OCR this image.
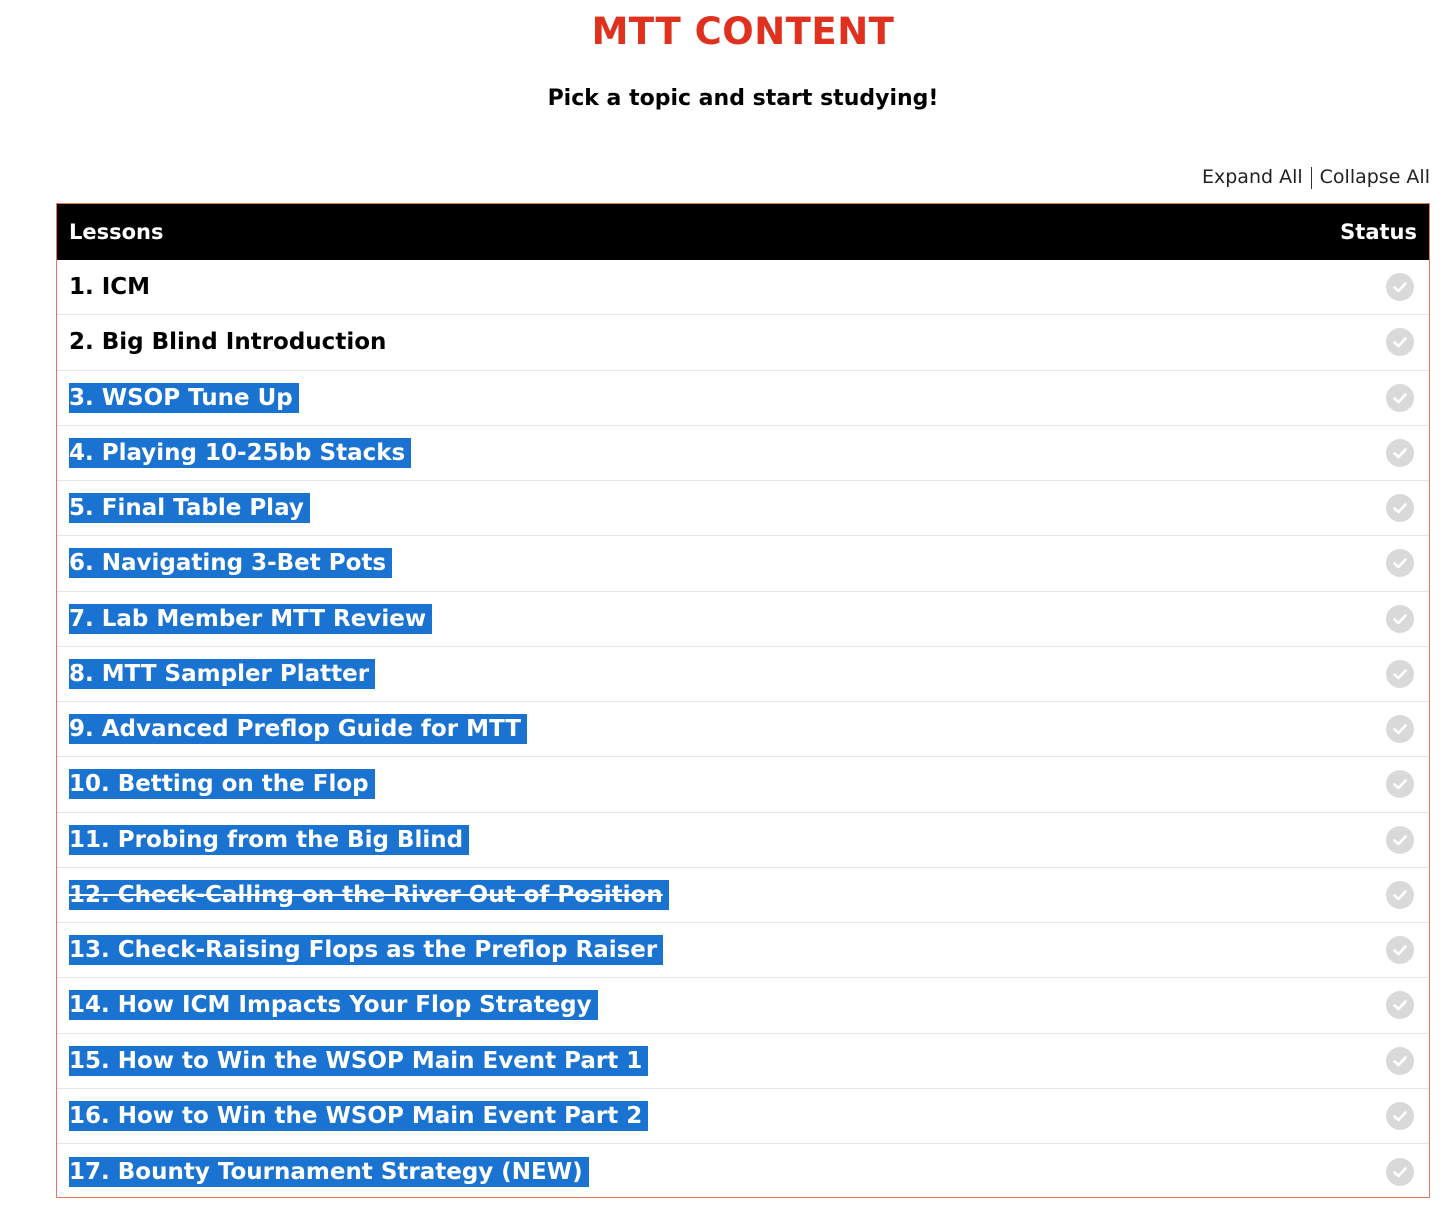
MTT CONTENT
Pick a topic and start studying!
Expand All Collapse All
Lessons	Status
1. ICM
2. Big Blind Introduction
3. WSOP Tune Up
4. Playing 10-25bb Stacks
5. Final Table Play
6. Navigating 3-Bet Pots
7. Lab Member MTT Review
8. MTT Sampler Platter
9. Advanced Preflop Guide for MTT
10. Betting on the Flop
11. Probing from the Big Blind
12. Check-Calling on the River Out of Position
13. Check-Raising Flops as the Preflop Raiser
14. How ICM Impacts Your Flop Strategy
15. How to Win the WSOP Main Event Part 1
16. How to Win the WSOP Main Event Part 2
17. Bounty Tournament Strategy (NEW)
